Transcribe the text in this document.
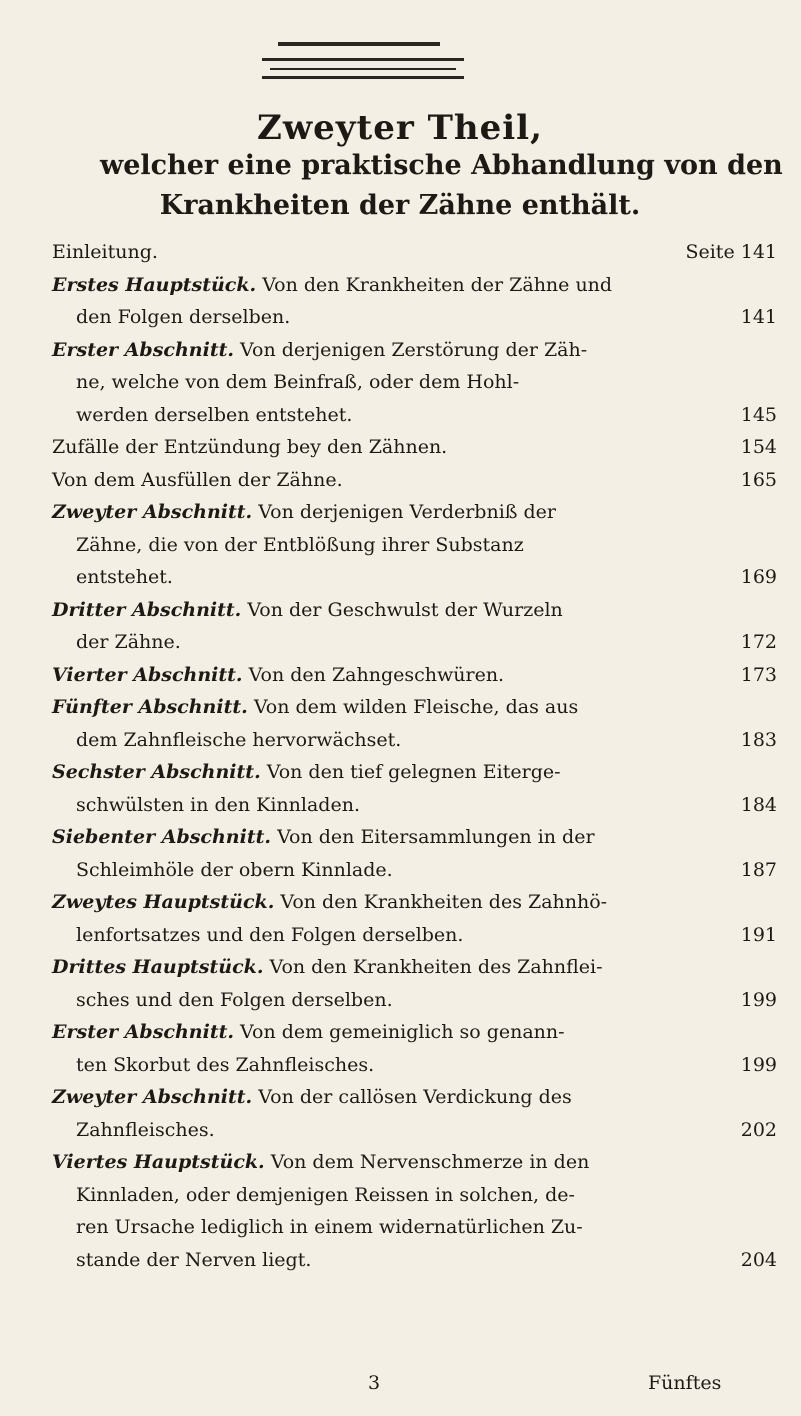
Zweyter Theil,
welcher eine praktische Abhandlung von den
Krankheiten der Zähne enthält.
Einleitung.	Seite 141
Erstes Hauptstück. Von den Krankheiten der Zähne und
den Folgen derselben.	141
Erster Abschnitt. Von derjenigen Zerstörung der Zäh-
ne, welche von dem Beinfraß, oder dem Hohl-
werden derselben entstehet.	145
Zufälle der Entzündung bey den Zähnen.	154
Von dem Ausfüllen der Zähne.	165
Zweyter Abschnitt. Von derjenigen Verderbniß der
Zähne, die von der Entblößung ihrer Substanz
entstehet.	169
Dritter Abschnitt. Von der Geschwulst der Wurzeln
der Zähne.	172
Vierter Abschnitt. Von den Zahngeschwüren.	173
Fünfter Abschnitt. Von dem wilden Fleische, das aus
dem Zahnfleische hervorwächset.	183
Sechster Abschnitt. Von den tief gelegnen Eiterge-
schwülsten in den Kinnladen.	184
Siebenter Abschnitt. Von den Eitersammlungen in der
Schleimhöle der obern Kinnlade.	187
Zweytes Hauptstück. Von den Krankheiten des Zahnhö-
lenfortsatzes und den Folgen derselben.	191
Drittes Hauptstück. Von den Krankheiten des Zahnflei-
sches und den Folgen derselben.	199
Erster Abschnitt. Von dem gemeiniglich so genann-
ten Skorbut des Zahnfleisches.	199
Zweyter Abschnitt. Von der callösen Verdickung des
Zahnfleisches.	202
Viertes Hauptstück. Von dem Nervenschmerze in den
Kinnladen, oder demjenigen Reissen in solchen, de-
ren Ursache lediglich in einem widernatürlichen Zu-
stande der Nerven liegt.	204
3	Fünftes
